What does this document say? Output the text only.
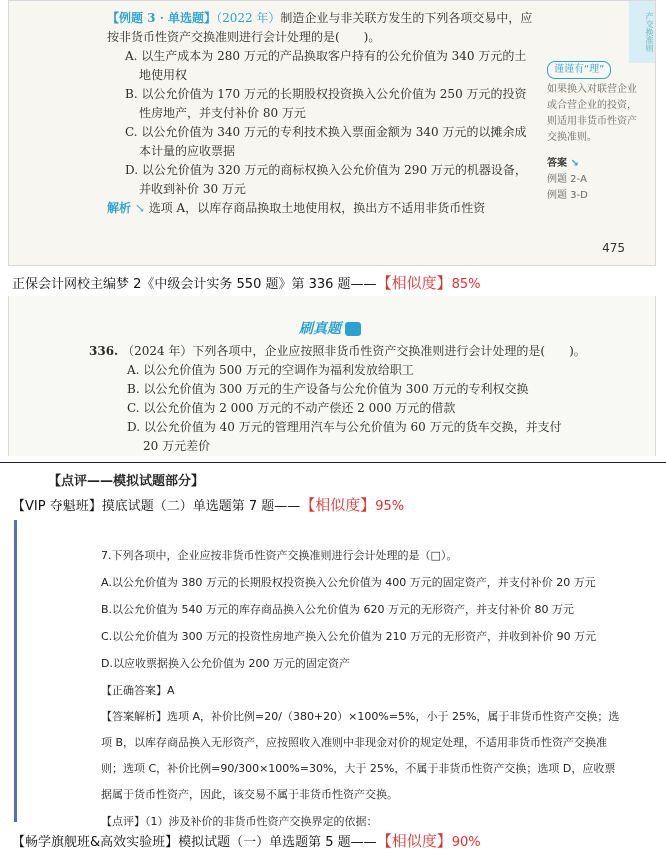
【例题 3 · 单选题】（2022 年）制造企业与非关联方发生的下列各项交易中，应按非货币性资产交换准则进行会计处理的是(　　)。
A. 以生产成本为 280 万元的产品换取客户持有的公允价值为 340 万元的土地使用权
B. 以公允价值为 170 万元的长期股权投资换入公允价值为 250 万元的投资性房地产，并支付补价 80 万元
C. 以公允价值为 340 万元的专利技术换入票面金额为 340 万元的以摊余成本计量的应收票据
D. 以公允价值为 320 万元的商标权换入公允价值为 290 万元的机器设备，并收到补价 30 万元
解析 ↘ 选项 A，以库存商品换取土地使用权，换出方不适用非货币性资
产交换准则
谨谨有“理”
如果换入对联营企业或合营企业的投资，则适用非货币性资产交换准则。
答案 ↘
例题 2-A
例题 3-D
475
正保会计网校主编梦 2《中级会计实务 550 题》第 336 题——【相似度】85%
刷真题
336. （2024 年）下列各项中，企业应按照非货币性资产交换准则进行会计处理的是(　　)。
A. 以公允价值为 500 万元的空调作为福利发放给职工
B. 以公允价值为 300 万元的生产设备与公允价值为 300 万元的专利权交换
C. 以公允价值为 2 000 万元的不动产偿还 2 000 万元的借款
D. 以公允价值为 40 万元的管理用汽车与公允价值为 60 万元的货车交换，并支付
20 万元差价
【点评——模拟试题部分】
【VIP 夺魁班】摸底试题（二）单选题第 7 题——【相似度】95%
7.下列各项中，企业应按非货币性资产交换准则进行会计处理的是（□）。
A.以公允价值为 380 万元的长期股权投资换入公允价值为 400 万元的固定资产，并支付补价 20 万元
B.以公允价值为 540 万元的库存商品换入公允价值为 620 万元的无形资产，并支付补价 80 万元
C.以公允价值为 300 万元的投资性房地产换入公允价值为 210 万元的无形资产，并收到补价 90 万元
D.以应收票据换入公允价值为 200 万元的固定资产
【正确答案】A
【答案解析】选项 A，补价比例=20/（380+20）×100%=5%，小于 25%，属于非货币性资产交换；选项 B，以库存商品换入无形资产，应按照收入准则中非现金对价的规定处理，不适用非货币性资产交换准则；选项 C，补价比例=90/300×100%=30%，大于 25%，不属于非货币性资产交换；选项 D，应收票据属于货币性资产，因此，该交易不属于非货币性资产交换。
【点评】（1）涉及补价的非货币性资产交换界定的依据：
【畅学旗舰班&高效实验班】模拟试题（一）单选题第 5 题——【相似度】90%
